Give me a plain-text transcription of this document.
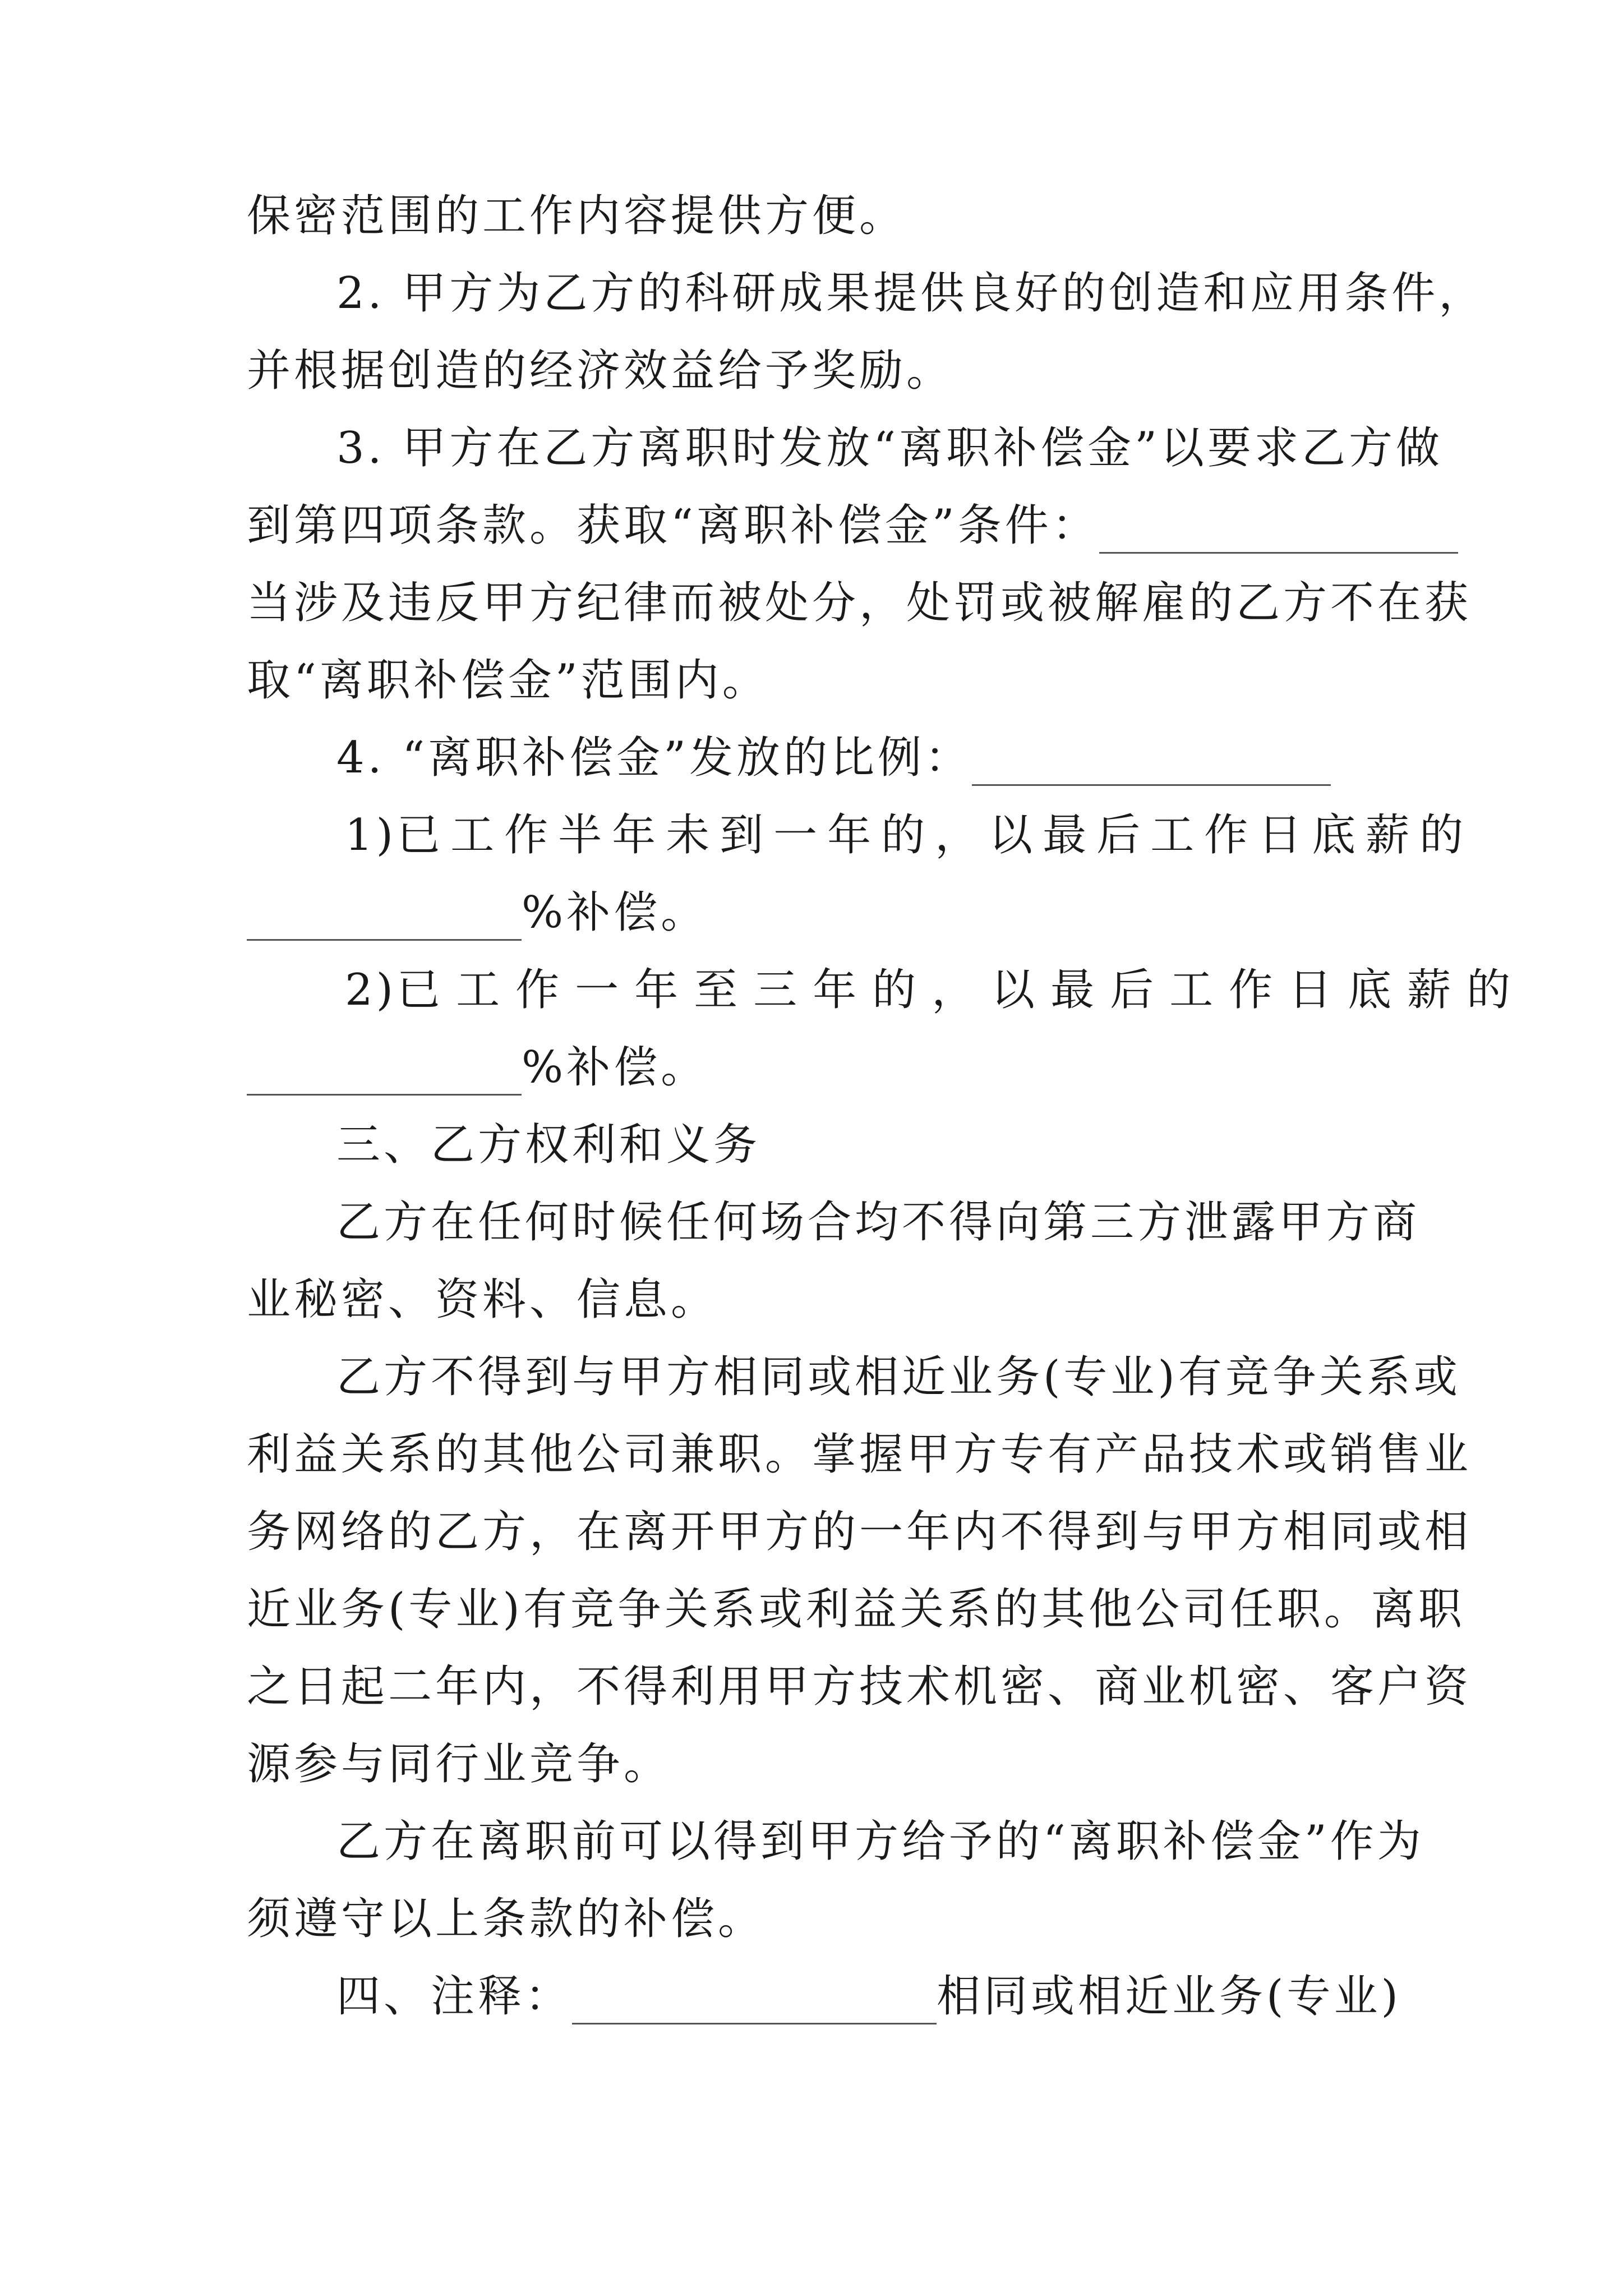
保密范围的工作内容提供方便。
2. 甲方为乙方的科研成果提供良好的创造和应用条件，
并根据创造的经济效益给予奖励。
3. 甲方在乙方离职时发放“离职补偿金”以要求乙方做
到第四项条款。获取“离职补偿金”条件：
当涉及违反甲方纪律而被处分，处罚或被解雇的乙方不在获
取“离职补偿金”范围内。
4. “离职补偿金”发放的比例：
1) 已工作半年未到一年的，以最后工作日底薪的
%补偿。
2) 已工作一年至三年的，以最后工作日底薪的
%补偿。
三、乙方权利和义务
乙方在任何时候任何场合均不得向第三方泄露甲方商
业秘密、资料、信息。
乙方不得到与甲方相同或相近业务(专业)有竞争关系或
利益关系的其他公司兼职。掌握甲方专有产品技术或销售业
务网络的乙方，在离开甲方的一年内不得到与甲方相同或相
近业务(专业)有竞争关系或利益关系的其他公司任职。离职
之日起二年内，不得利用甲方技术机密、商业机密、客户资
源参与同行业竞争。
乙方在离职前可以得到甲方给予的“离职补偿金”作为
须遵守以上条款的补偿。
四、注释：	相同或相近业务(专业)
